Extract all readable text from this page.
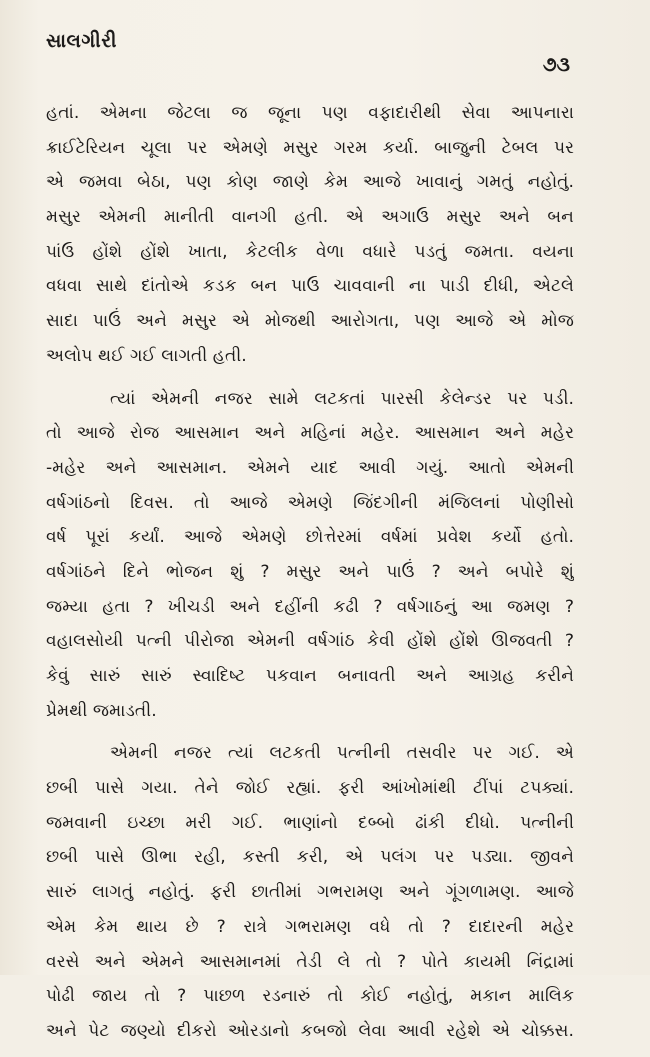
સાલગીરી
૭૩
હતાં. એમના જેટલા જ જૂના પણ વફાદારીથી સેવા આપનારા
ક્રાઈટેરિયન ચૂલા પર એમણે મસુર ગરમ કર્યા. બાજુની ટેબલ પર
એ જમવા બેઠા, પણ કોણ જાણે કેમ આજે ખાવાનું ગમતું નહોતું.
મસુર એમની માનીતી વાનગી હતી. એ અગાઉ મસુર અને બન
પાંઉ હોંશે હોંશે ખાતા, કેટલીક વેળા વધારે પડતું જમતા. વયના
વધવા સાથે દાંતોએ કડક બન પાઉ ચાવવાની ના પાડી દીધી, એટલે
સાદા પાઉં અને મસુર એ મોજથી આરોગતા, પણ આજે એ મોજ
અલોપ થઈ ગઈ લાગતી હતી.
ત્યાં એમની નજર સામે લટકતાં પારસી કેલેન્ડર પર પડી.
તો આજે રોજ આસમાન અને મહિનાં મહેર. આસમાન અને મહેર
-મહેર અને આસમાન. એમને યાદ આવી ગયું. આતો એમની
વર્ષગાંઠનો દિવસ. તો આજે એમણે જિંદગીની મંજિલનાં પોણીસો
વર્ષ પૂરાં કર્યાં. આજે એમણે છોત્તેરમાં વર્ષમાં પ્રવેશ કર્યો હતો.
વર્ષગાંઠને દિને ભોજન શું ? મસુર અને પાઉં ? અને બપોરે શું
જમ્યા હતા ? ખીચડી અને દહીંની કઢી ? વર્ષગાઠનું આ જમણ ?
વહાલસોયી પત્ની પીરોજા એમની વર્ષગાંઠ કેવી હોંશે હોંશે ઊજવતી ?
કેવું સારું સારું સ્વાદિષ્ટ પકવાન બનાવતી અને આગ્રહ કરીને
પ્રેમથી જમાડતી.
એમની નજર ત્યાં લટકતી પત્નીની તસવીર પર ગઈ. એ
છબી પાસે ગયા. તેને જોઈ રહ્યાં. ફરી આંખોમાંથી ટીંપાં ટપક્યાં.
જમવાની ઇચ્છા મરી ગઈ. ભાણાંનો દબ્બો ઢાંકી દીધો. પત્નીની
છબી પાસે ઊભા રહી, કસ્તી કરી, એ પલંગ પર પડ્યા. જીવને
સારું લાગતું નહોતું. ફરી છાતીમાં ગભરામણ અને ગૂંગળામણ. આજે
એમ કેમ થાય છે ? રાત્રે ગભરામણ વધે તો ? દાદારની મહેર
વરસે અને એમને આસમાનમાં તેડી લે તો ? પોતે કાયમી નિંદ્રામાં
પોઢી જાય તો ? પાછળ રડનારું તો કોઈ નહોતું, મકાન માલિક
અને પેટ જણ્યો દીકરો ઓરડાનો કબજો લેવા આવી રહેશે એ ચોક્કસ.
